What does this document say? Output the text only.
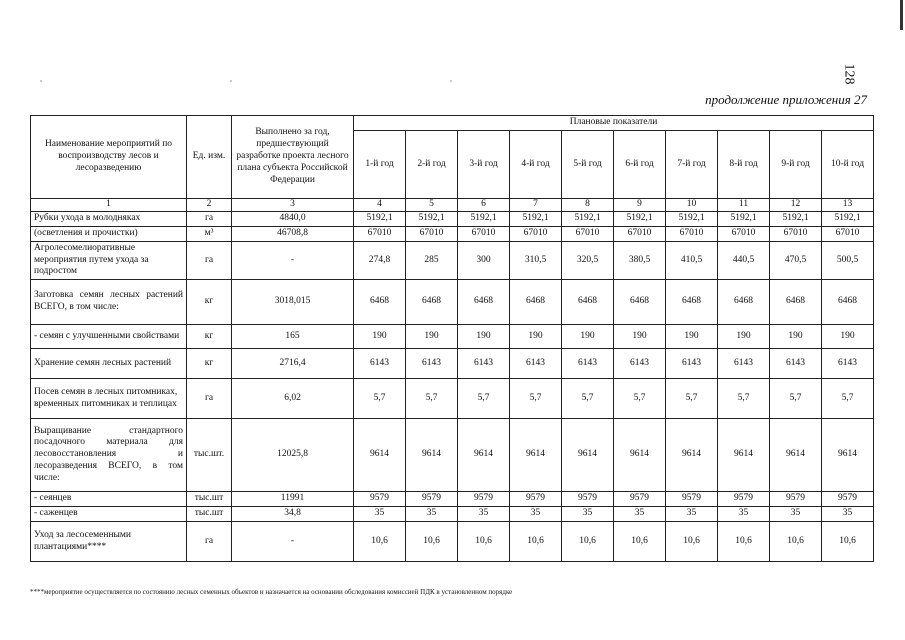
128
продолжение приложения 27
Наименование мероприятий по воспроизводству лесов и лесоразведению	Ед. изм.	Выполнено за год, предшествующий разработке проекта лесного плана субъекта Российской Федерации	Плановые показатели									
			1-й год	2-й год	3-й год	4-й год	5-й год	6-й год	7-й год	8-й год	9-й год	10-й год
1	2	3	4	5	6	7	8	9	10	11	12	13
Рубки ухода в молодняках	га	4840,0	5192,1	5192,1	5192,1	5192,1	5192,1	5192,1	5192,1	5192,1	5192,1	5192,1
(осветления и прочистки)	м³	46708,8	67010	67010	67010	67010	67010	67010	67010	67010	67010	67010
Агролесомелиоративные мероприятия путем ухода за подростом	га	-	274,8	285	300	310,5	320,5	380,5	410,5	440,5	470,5	500,5
Заготовка семян лесных растений ВСЕГО, в том числе:	кг	3018,015	6468	6468	6468	6468	6468	6468	6468	6468	6468	6468
- семян с улучшенными свойствами	кг	165	190	190	190	190	190	190	190	190	190	190
Хранение семян лесных растений	кг	2716,4	6143	6143	6143	6143	6143	6143	6143	6143	6143	6143
Посев семян в лесных питомниках, временных питомниках и теплицах	га	6,02	5,7	5,7	5,7	5,7	5,7	5,7	5,7	5,7	5,7	5,7
Выращивание стандартного посадочного материала для лесовосстановления и лесоразведения ВСЕГО, в том числе:	тыс.шт.	12025,8	9614	9614	9614	9614	9614	9614	9614	9614	9614	9614
- сеянцев	тыс.шт	11991	9579	9579	9579	9579	9579	9579	9579	9579	9579	9579
- саженцев	тыс.шт	34,8	35	35	35	35	35	35	35	35	35	35
Уход за лесосеменными плантациями****	га	-	10,6	10,6	10,6	10,6	10,6	10,6	10,6	10,6	10,6	10,6
****мероприятие осуществляется по состоянию лесных семенных объектов и назначается на основании обследования комиссией ПДК в установленном порядке
